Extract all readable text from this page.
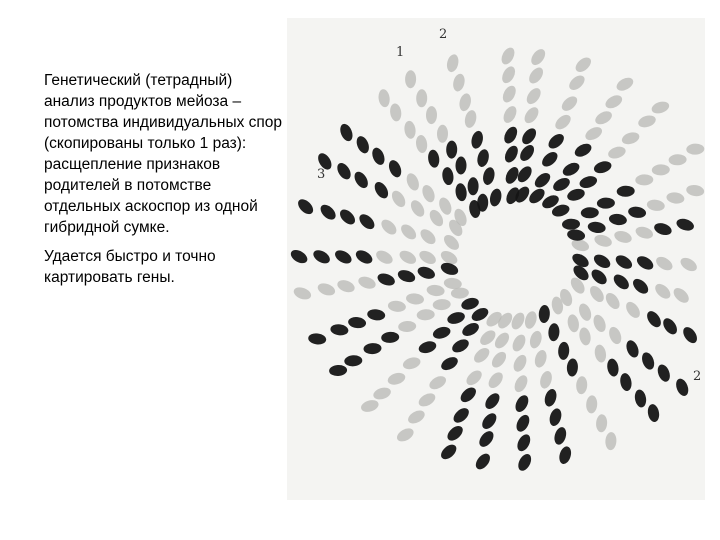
Генетический (тетрадный) анализ продуктов мейоза – потомства индивидуальных спор (скопированы только 1 раз): расщепление признаков родителей в потомстве отдельных аскоспор из одной гибридной сумке.

Удается быстро и точно картировать гены.

1
2
3
2
